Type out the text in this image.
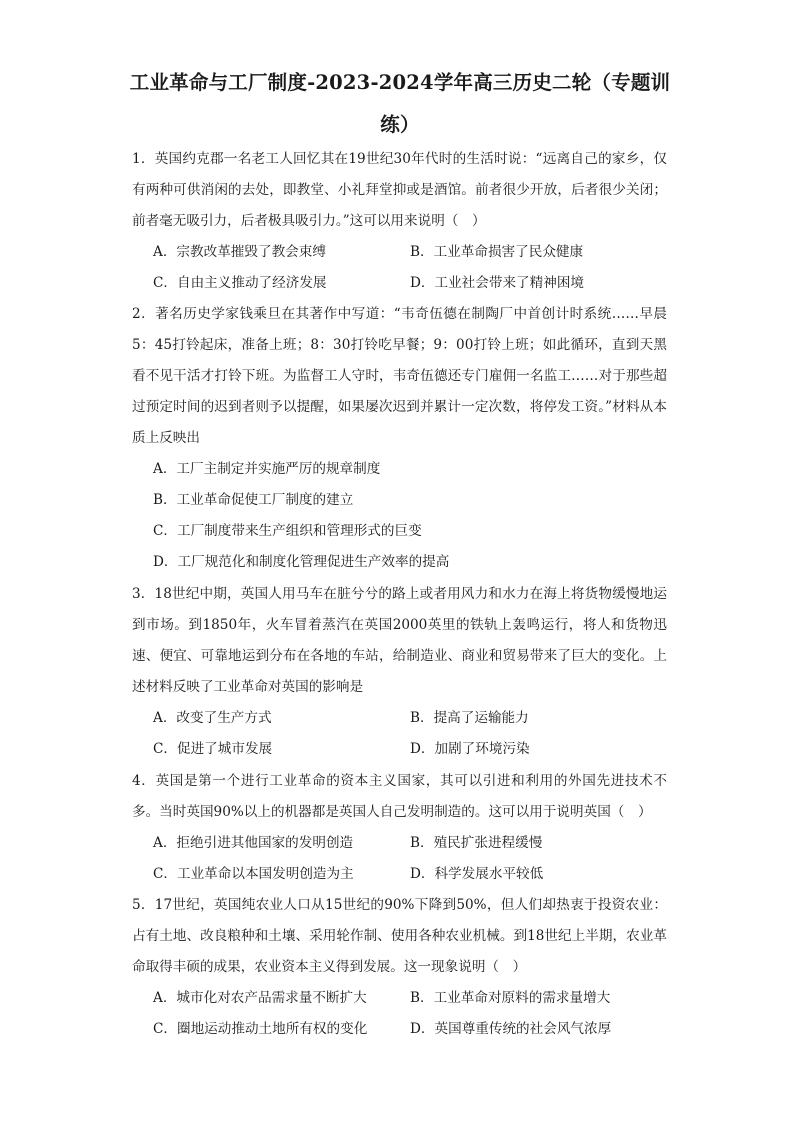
工业革命与工厂制度-2023-2024学年高三历史二轮（专题训练）

1．英国约克郡一名老工人回忆其在19世纪30年代时的生活时说：“远离自己的家乡，仅有两种可供消闲的去处，即教堂、小礼拜堂抑或是酒馆。前者很少开放，后者很少关闭；前者毫无吸引力，后者极具吸引力。”这可以用来说明（　）

A．宗教改革摧毁了教会束缚	B．工业革命损害了民众健康
C．自由主义推动了经济发展	D．工业社会带来了精神困境

2．著名历史学家钱乘旦在其著作中写道：“韦奇伍德在制陶厂中首创计时系统……早晨5：45打铃起床，准备上班；8：30打铃吃早餐；9：00打铃上班；如此循环，直到天黑看不见干活才打铃下班。为监督工人守时，韦奇伍德还专门雇佣一名监工……对于那些超过预定时间的迟到者则予以提醒，如果屡次迟到并累计一定次数，将停发工资。”材料从本质上反映出

A．工厂主制定并实施严厉的规章制度
B．工业革命促使工厂制度的建立
C．工厂制度带来生产组织和管理形式的巨变
D．工厂规范化和制度化管理促进生产效率的提高

3．18世纪中期，英国人用马车在脏兮兮的路上或者用风力和水力在海上将货物缓慢地运到市场。到1850年，火车冒着蒸汽在英国2000英里的铁轨上轰鸣运行，将人和货物迅速、便宜、可靠地运到分布在各地的车站，给制造业、商业和贸易带来了巨大的变化。上述材料反映了工业革命对英国的影响是

A．改变了生产方式	B．提高了运输能力
C．促进了城市发展	D．加剧了环境污染

4．英国是第一个进行工业革命的资本主义国家，其可以引进和利用的外国先进技术不多。当时英国90%以上的机器都是英国人自己发明制造的。这可以用于说明英国（　）

A．拒绝引进其他国家的发明创造	B．殖民扩张进程缓慢
C．工业革命以本国发明创造为主	D．科学发展水平较低

5．17世纪，英国纯农业人口从15世纪的90%下降到50%，但人们却热衷于投资农业：占有土地、改良粮种和土壤、采用轮作制、使用各种农业机械。到18世纪上半期，农业革命取得丰硕的成果，农业资本主义得到发展。这一现象说明（　）

A．城市化对农产品需求量不断扩大	B．工业革命对原料的需求量增大
C．圈地运动推动土地所有权的变化	D．英国尊重传统的社会风气浓厚
